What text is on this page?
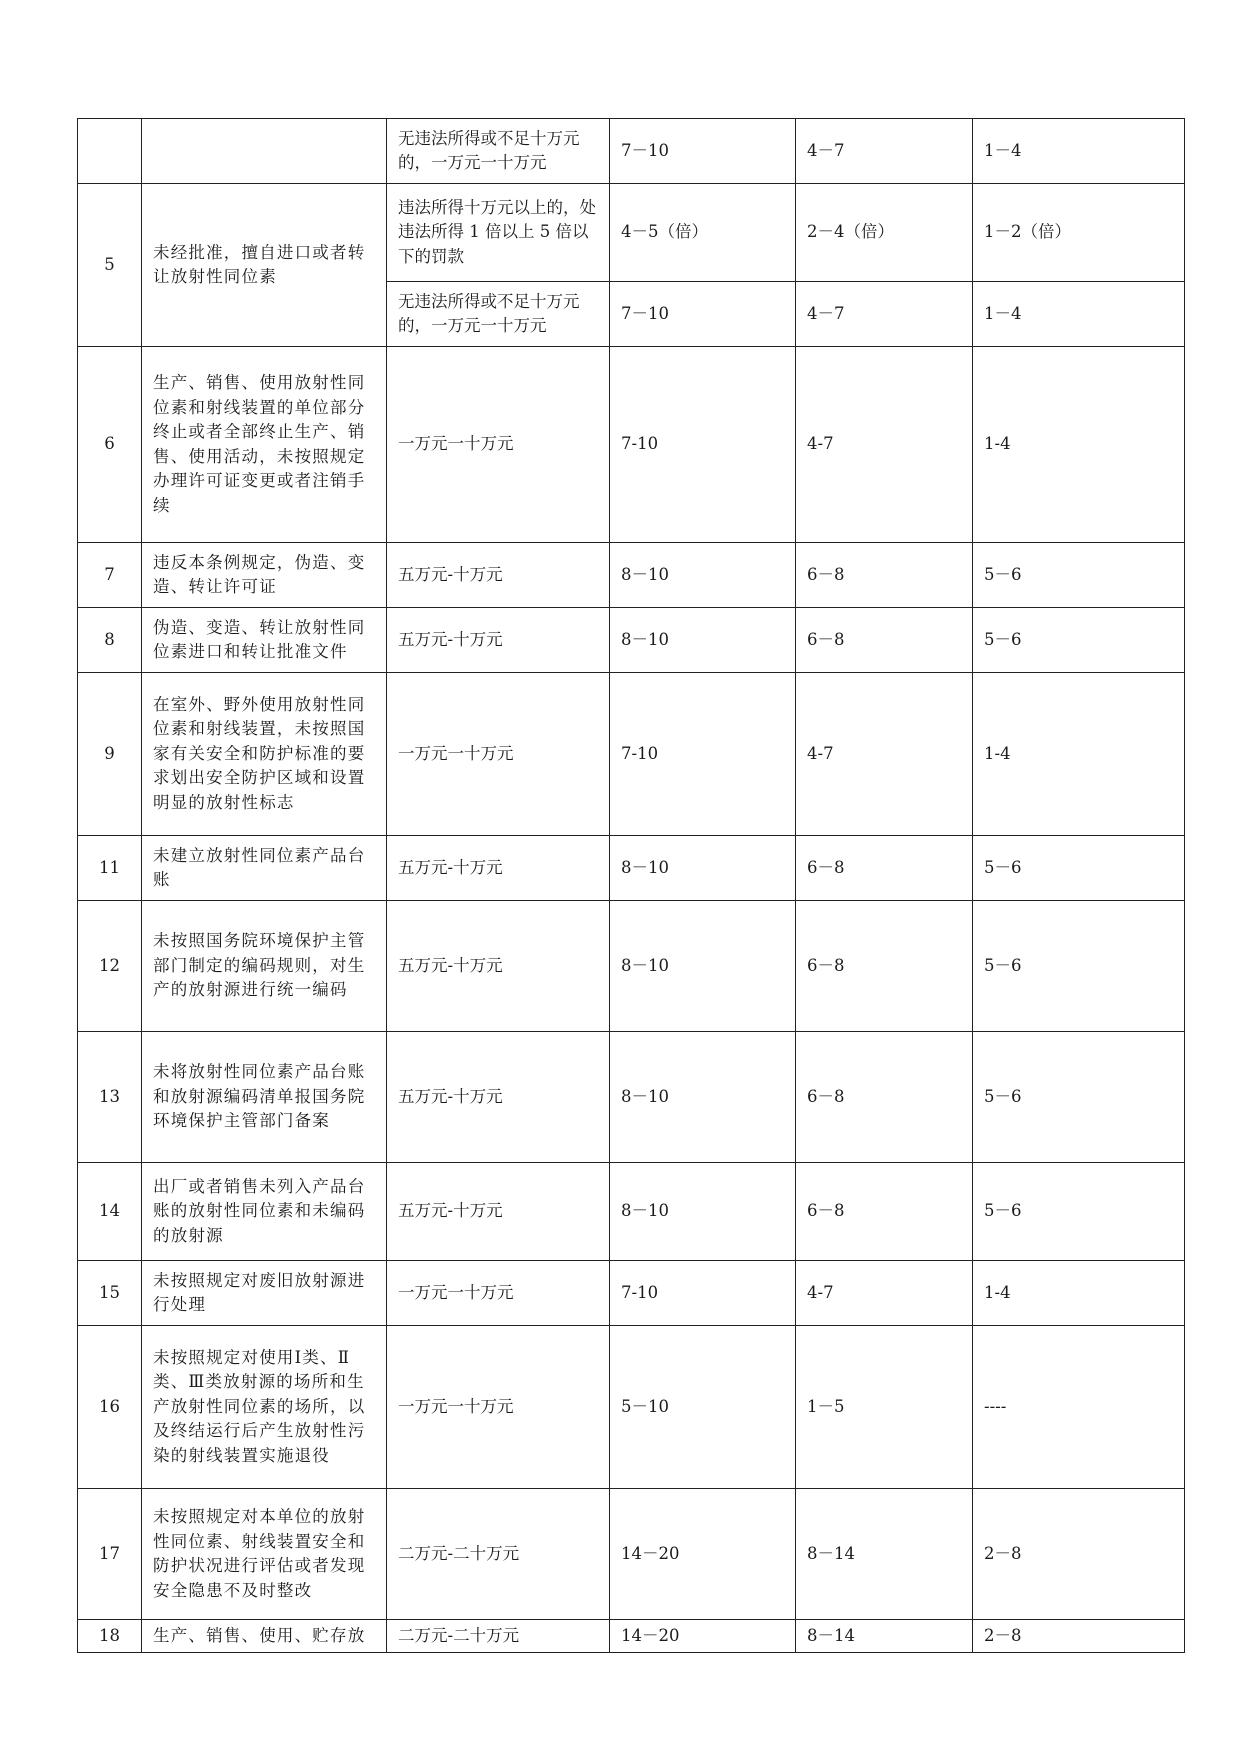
		无违法所得或不足十万元的，一万元一十万元	7－10	4－7	1－4
5	未经批准，擅自进口或者转让放射性同位素	违法所得十万元以上的，处违法所得 1 倍以上 5 倍以下的罚款	4－5（倍）	2－4（倍）	1－2（倍）
		无违法所得或不足十万元的，一万元一十万元	7－10	4－7	1－4
6	生产、销售、使用放射性同位素和射线装置的单位部分终止或者全部终止生产、销售、使用活动，未按照规定办理许可证变更或者注销手续	一万元一十万元	7-10	4-7	1-4
7	违反本条例规定，伪造、变造、转让许可证	五万元-十万元	8－10	6－8	5－6
8	伪造、变造、转让放射性同位素进口和转让批准文件	五万元-十万元	8－10	6－8	5－6
9	在室外、野外使用放射性同位素和射线装置，未按照国家有关安全和防护标准的要求划出安全防护区域和设置明显的放射性标志	一万元一十万元	7-10	4-7	1-4
11	未建立放射性同位素产品台账	五万元-十万元	8－10	6－8	5－6
12	未按照国务院环境保护主管部门制定的编码规则，对生产的放射源进行统一编码	五万元-十万元	8－10	6－8	5－6
13	未将放射性同位素产品台账和放射源编码清单报国务院环境保护主管部门备案	五万元-十万元	8－10	6－8	5－6
14	出厂或者销售未列入产品台账的放射性同位素和未编码的放射源	五万元-十万元	8－10	6－8	5－6
15	未按照规定对废旧放射源进行处理	一万元一十万元	7-10	4-7	1-4
16	未按照规定对使用Ⅰ类、Ⅱ类、Ⅲ类放射源的场所和生产放射性同位素的场所，以及终结运行后产生放射性污染的射线装置实施退役	一万元一十万元	5－10	1－5	----
17	未按照规定对本单位的放射性同位素、射线装置安全和防护状况进行评估或者发现安全隐患不及时整改	二万元-二十万元	14－20	8－14	2－8
18	生产、销售、使用、贮存放	二万元-二十万元	14－20	8－14	2－8
